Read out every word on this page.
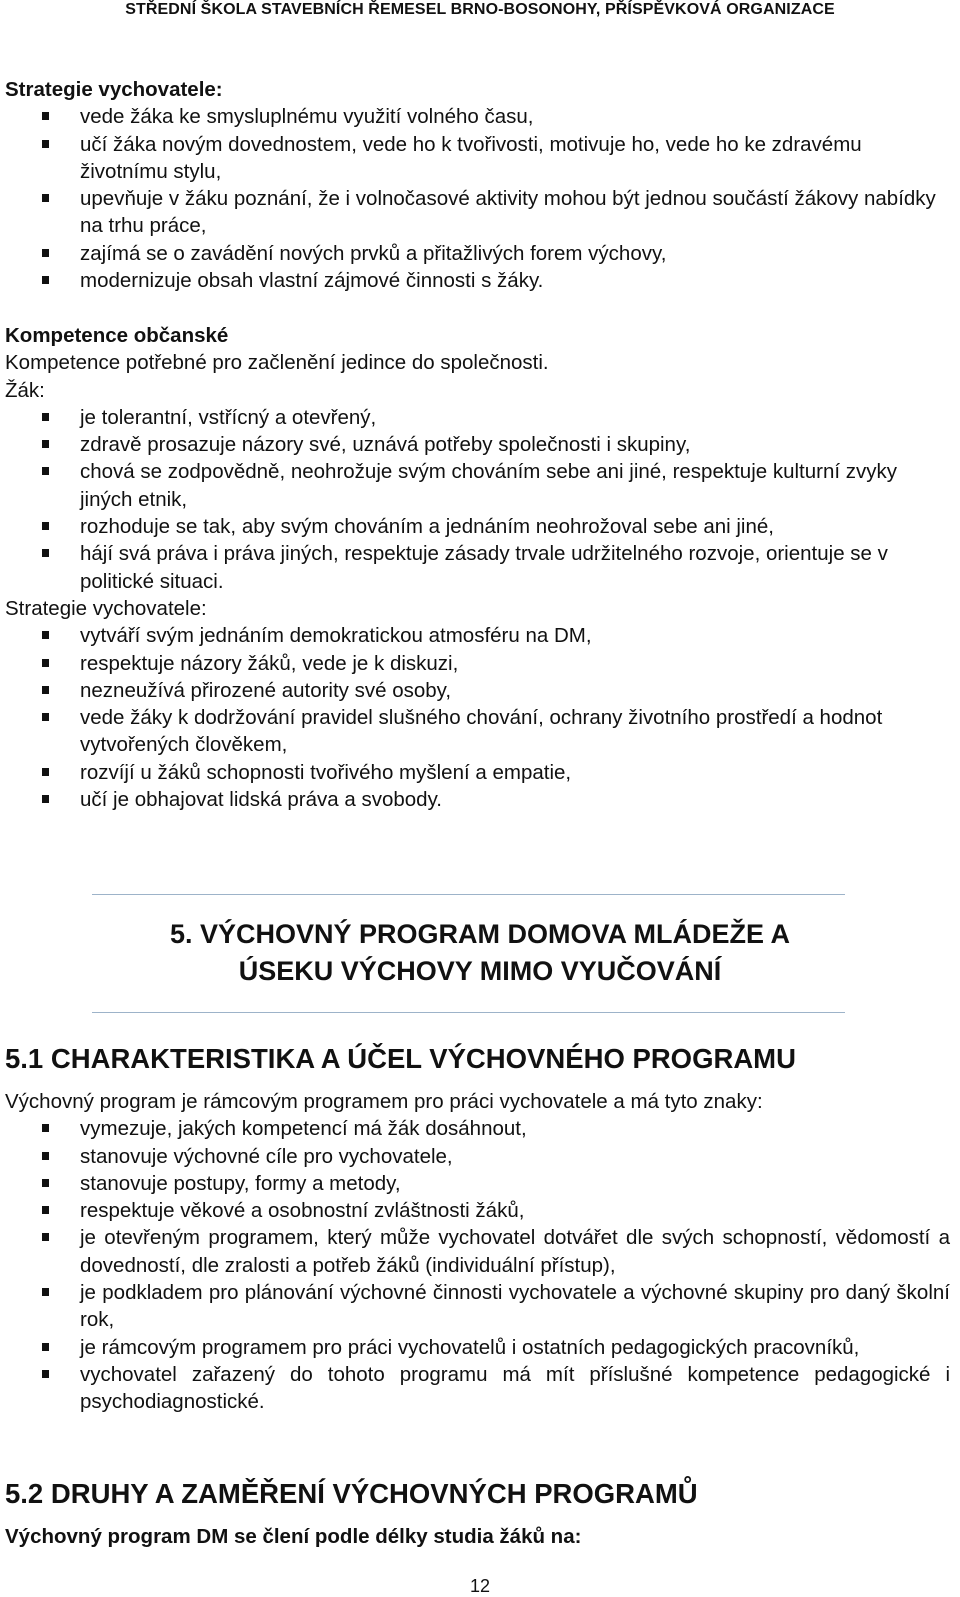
STŘEDNÍ ŠKOLA STAVEBNÍCH ŘEMESEL BRNO-BOSONOHY, PŘÍSPĚVKOVÁ ORGANIZACE

Strategie vychovatele:

vede žáka ke smysluplnému využití volného času,
učí žáka novým dovednostem, vede ho k tvořivosti, motivuje ho, vede ho ke zdravému životnímu stylu,
upevňuje v žáku poznání, že i volnočasové aktivity mohou být jednou součástí žákovy nabídky na trhu práce,
zajímá se o zavádění nových prvků a přitažlivých forem výchovy,
modernizuje obsah vlastní zájmové činnosti s žáky.

Kompetence občanské

Kompetence potřebné pro začlenění jedince do společnosti.

Žák:

je tolerantní, vstřícný a otevřený,
zdravě prosazuje názory své, uznává potřeby společnosti i skupiny,
chová se zodpovědně, neohrožuje svým chováním sebe ani jiné, respektuje kulturní zvyky jiných etnik,
rozhoduje se tak, aby svým chováním a jednáním neohrožoval sebe ani jiné,
hájí svá práva i práva jiných, respektuje zásady trvale udržitelného rozvoje, orientuje se v politické situaci.

Strategie vychovatele:

vytváří svým jednáním demokratickou atmosféru na DM,
respektuje názory žáků, vede je k diskuzi,
nezneužívá přirozené autority své osoby,
vede žáky k dodržování pravidel slušného chování, ochrany životního prostředí a hodnot vytvořených člověkem,
rozvíjí u žáků schopnosti tvořivého myšlení a empatie,
učí je obhajovat lidská práva a svobody.
5. VÝCHOVNÝ PROGRAM DOMOVA MLÁDEŽE A
ÚSEKU VÝCHOVY MIMO VYUČOVÁNÍ
5.1 CHARAKTERISTIKA A ÚČEL VÝCHOVNÉHO PROGRAMU

Výchovný program je rámcovým programem pro práci vychovatele a má tyto znaky:

vymezuje, jakých kompetencí má žák dosáhnout,
stanovuje výchovné cíle pro vychovatele,
stanovuje postupy, formy a metody,
respektuje věkové a osobnostní zvláštnosti žáků,
je otevřeným programem, který může vychovatel dotvářet dle svých schopností, vědomostí a dovedností, dle zralosti a potřeb žáků (individuální přístup),
je podkladem pro plánování výchovné činnosti vychovatele a výchovné skupiny pro daný školní rok,
je rámcovým programem pro práci vychovatelů i ostatních pedagogických pracovníků,
vychovatel zařazený do tohoto programu má mít příslušné kompetence pedagogické i psychodiagnostické.
5.2 DRUHY A ZAMĚŘENÍ VÝCHOVNÝCH PROGRAMŮ

Výchovný program DM se člení podle délky studia žáků na:

12
